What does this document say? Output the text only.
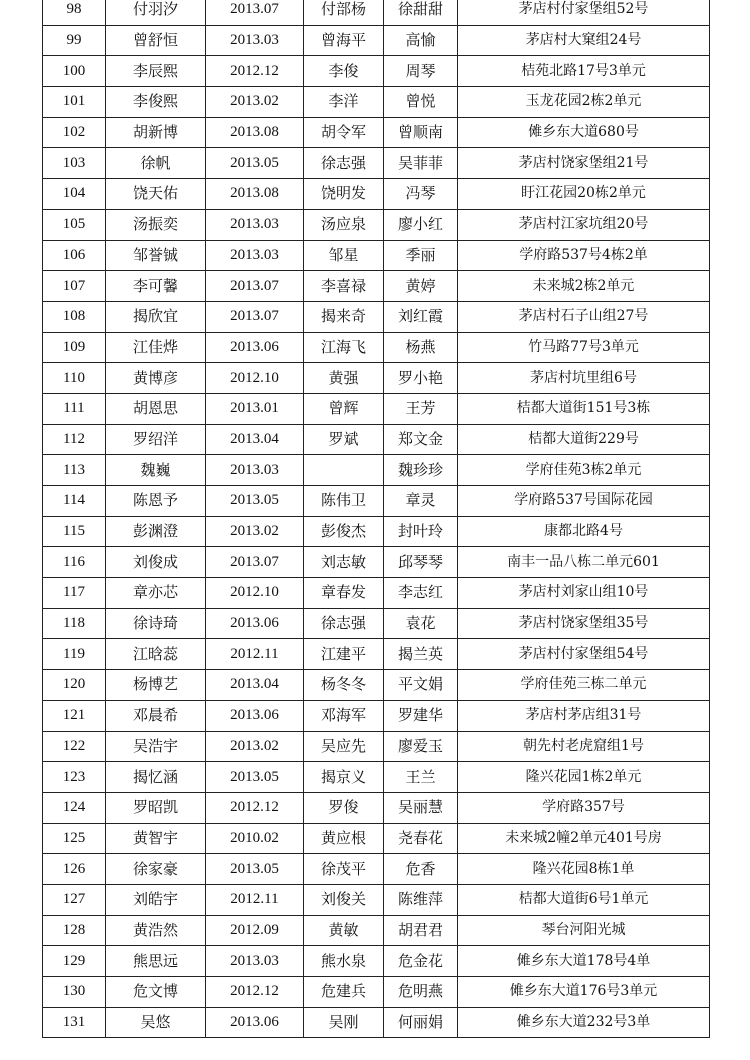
98	付羽汐	2013.07	付部杨	徐甜甜	茅店村付家堡组52号
99	曾舒恒	2013.03	曾海平	高愉	茅店村大窠组24号
100	李辰熙	2012.12	李俊	周琴	桔苑北路17号3单元
101	李俊熙	2013.02	李洋	曾悦	玉龙花园2栋2单元
102	胡新博	2013.08	胡令军	曾顺南	傩乡东大道680号
103	徐帆	2013.05	徐志强	吴菲菲	茅店村饶家堡组21号
104	饶天佑	2013.08	饶明发	冯琴	盱江花园20栋2单元
105	汤振奕	2013.03	汤应泉	廖小红	茅店村江家坑组20号
106	邹誉铖	2013.03	邹星	季丽	学府路537号4栋2单
107	李可馨	2013.07	李喜禄	黄婷	未来城2栋2单元
108	揭欣宜	2013.07	揭来奇	刘红霞	茅店村石子山组27号
109	江佳烨	2013.06	江海飞	杨燕	竹马路77号3单元
110	黄博彦	2012.10	黄强	罗小艳	茅店村坑里组6号
111	胡恩思	2013.01	曾辉	王芳	桔都大道街151号3栋
112	罗绍洋	2013.04	罗斌	郑文金	桔都大道街229号
113	魏巍	2013.03		魏珍珍	学府佳苑3栋2单元
114	陈恩予	2013.05	陈伟卫	章灵	学府路537号国际花园
115	彭渊澄	2013.02	彭俊杰	封叶玲	康都北路4号
116	刘俊成	2013.07	刘志敏	邱琴琴	南丰一品八栋二单元601
117	章亦芯	2012.10	章春发	李志红	茅店村刘家山组10号
118	徐诗琦	2013.06	徐志强	袁花	茅店村饶家堡组35号
119	江晗蕊	2012.11	江建平	揭兰英	茅店村付家堡组54号
120	杨博艺	2013.04	杨冬冬	平文娟	学府佳苑三栋二单元
121	邓晨希	2013.06	邓海军	罗建华	茅店村茅店组31号
122	吴浩宇	2013.02	吴应先	廖爱玉	朝先村老虎窟组1号
123	揭忆涵	2013.05	揭京义	王兰	隆兴花园1栋2单元
124	罗昭凯	2012.12	罗俊	吴丽慧	学府路357号
125	黄智宇	2010.02	黄应根	尧春花	未来城2幢2单元401号房
126	徐家豪	2013.05	徐茂平	危香	隆兴花园8栋1单
127	刘皓宇	2012.11	刘俊关	陈维萍	桔都大道街6号1单元
128	黄浩然	2012.09	黄敏	胡君君	琴台河阳光城
129	熊思远	2013.03	熊水泉	危金花	傩乡东大道178号4单
130	危文博	2012.12	危建兵	危明燕	傩乡东大道176号3单元
131	吴悠	2013.06	吴刚	何丽娟	傩乡东大道232号3单
